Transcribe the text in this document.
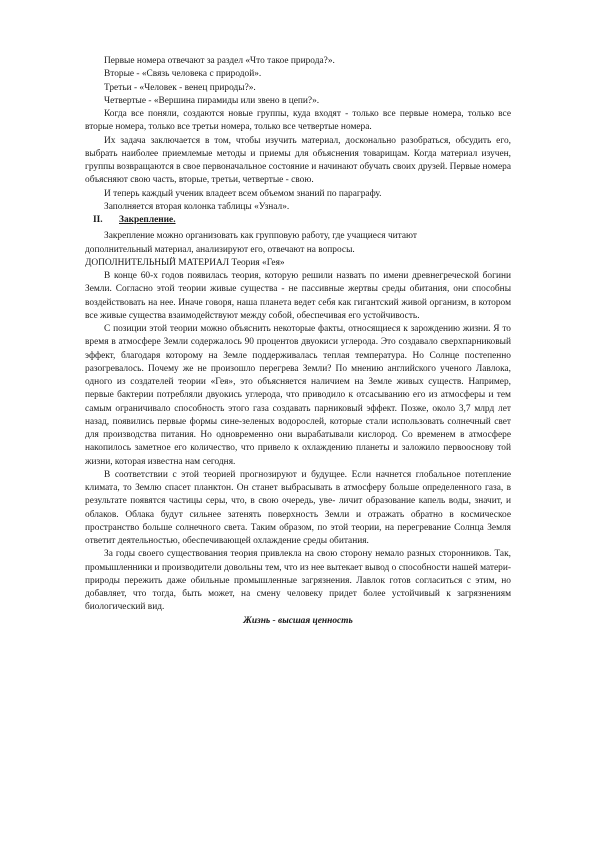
Первые номера отвечают за раздел «Что такое природа?».

Вторые - «Связь человека с природой».

Третьи - «Человек - венец природы?».

Четвертые - «Вершина пирамиды или звено в цепи?».

Когда все поняли, создаются новые группы, куда входят - только все первые номера, только все вторые номера, только все третьи номера, только все четвертые номера.

Их задача заключается в том, чтобы изучить материал, досконально разобраться, обсудить его, выбрать наиболее приемлемые методы и приемы для объяснения товарищам. Когда материал изучен, группы возвращаются в свое первоначальное состояние и начинают обучать своих друзей. Первые номера объясняют свою часть, вторые, третьи, четвертые - свою.

И теперь каждый ученик владеет всем объемом знаний по параграфу.

Заполняется вторая колонка таблицы «Узнал».

II.	Закрепление.

Закрепление можно организовать как групповую работу, где учащиеся читают

дополнительный материал, анализируют его, отвечают на вопросы.

ДОПОЛНИТЕЛЬНЫЙ МАТЕРИАЛ Теория «Гея»

В конце 60-х годов появилась теория, которую решили назвать по имени древнегреческой богини Земли. Согласно этой теории живые существа - не пассивные жертвы среды обитания, они способны воздействовать на нее. Иначе говоря, наша планета ведет себя как гигантский живой организм, в котором все живые существа взаимодействуют между собой, обеспечивая его устойчивость.

С позиции этой теории можно объяснить некоторые факты, относящиеся к зарождению жизни. Я то время в атмосфере Земли содержалось 90 процентов двуокиси углерода. Это создавало сверхпарниковый эффект, благодаря которому на Земле поддерживалась теплая температура. Но Солнце постепенно разогревалось. Почему же не произошло перегрева Земли? По мнению английского ученого Лавлока, одного из создателей теории «Гея», это объясняется наличием на Земле живых существ. Например, первые бактерии потребляли двуокись углерода, что приводило к отсасыванию его из атмосферы и тем самым ограничивало способность этого газа создавать парниковый эффект. Позже, около 3,7 млрд лет назад, появились первые формы сине-зеленых водорослей, которые стали использовать солнечный свет для производства питания. Но одновременно они вырабатывали кислород. Со временем в атмосфере накопилось заметное его количество, что привело к охлаждению планеты и заложило первооснову той жизни, которая известна нам сегодня.

В соответствии с этой теорией прогнозируют и будущее. Если начнется глобальное потепление климата, то Землю спасет планктон. Он станет выбрасывать в атмосферу больше определенного газа, в результате появятся частицы серы, что, в свою очередь, уве- личит образование капель воды, значит, и облаков. Облака будут сильнее затенять поверхность Земли и отражать обратно в космическое пространство больше солнечного света. Таким образом, по этой теории, на перегревание Солнца Земля ответит деятельностью, обеспечивающей охлаждение среды обитания.

За годы своего существования теория привлекла на свою сторону немало разных сторонников. Так, промышленники и производители довольны тем, что из нее вытекает вывод о способности нашей матери-природы пережить даже обильные промышленные загрязнения. Лавлок готов согласиться с этим, но добавляет, что тогда, быть может, на смену человеку придет более устойчивый к загрязнениям биологический вид.

Жизнь - высшая ценность
